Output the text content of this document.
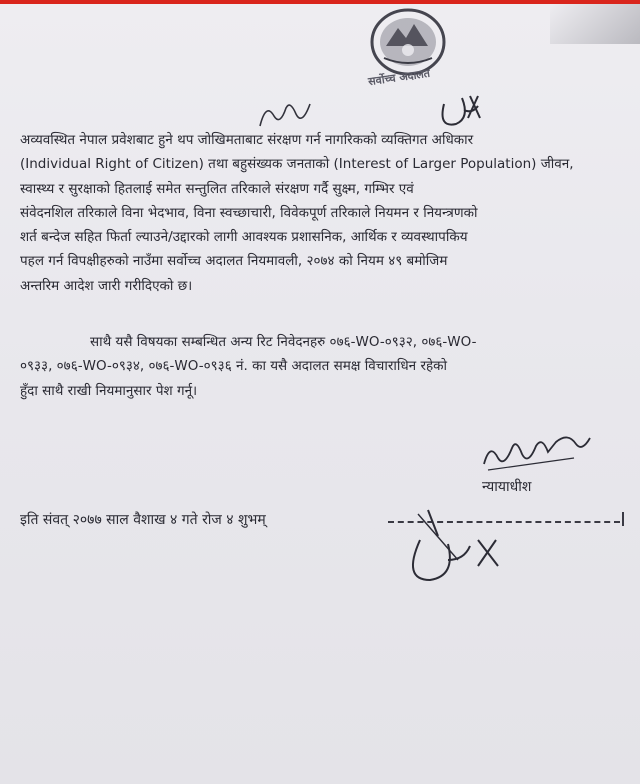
सर्वोच्च अदालत
अव्यवस्थित नेपाल प्रवेशबाट हुने थप जोखिमताबाट संरक्षण गर्न नागरिकको व्यक्तिगत अधिकार
(Individual Right of Citizen) तथा बहुसंख्यक जनताको (Interest of Larger Population) जीवन,
स्वास्थ्य र सुरक्षाको हितलाई समेत सन्तुलित तरिकाले संरक्षण गर्दै सुक्ष्म, गम्भिर एवं
संवेदनशिल तरिकाले विना भेदभाव, विना स्वच्छाचारी, विवेकपूर्ण तरिकाले नियमन र नियन्त्रणको
शर्त बन्देज सहित फिर्ता ल्याउने/उद्दारको लागी आवश्यक प्रशासनिक, आर्थिक र व्यवस्थापकिय
पहल गर्न विपक्षीहरुको नाउँमा सर्वोच्च अदालत नियमावली, २०७४ को नियम ४९ बमोजिम
अन्तरिम आदेश जारी गरीदिएको छ।
साथै यसै विषयका सम्बन्धित अन्य रिट निवेदनहरु ०७६-WO-०९३२, ०७६-WO-
०९३३, ०७६-WO-०९३४, ०७६-WO-०९३६ नं. का यसै अदालत समक्ष विचाराधिन रहेको
हुँदा साथै राखी नियमानुसार पेश गर्नू।
न्यायाधीश
इति संवत् २०७७ साल वैशाख ४ गते रोज ४ शुभम्
